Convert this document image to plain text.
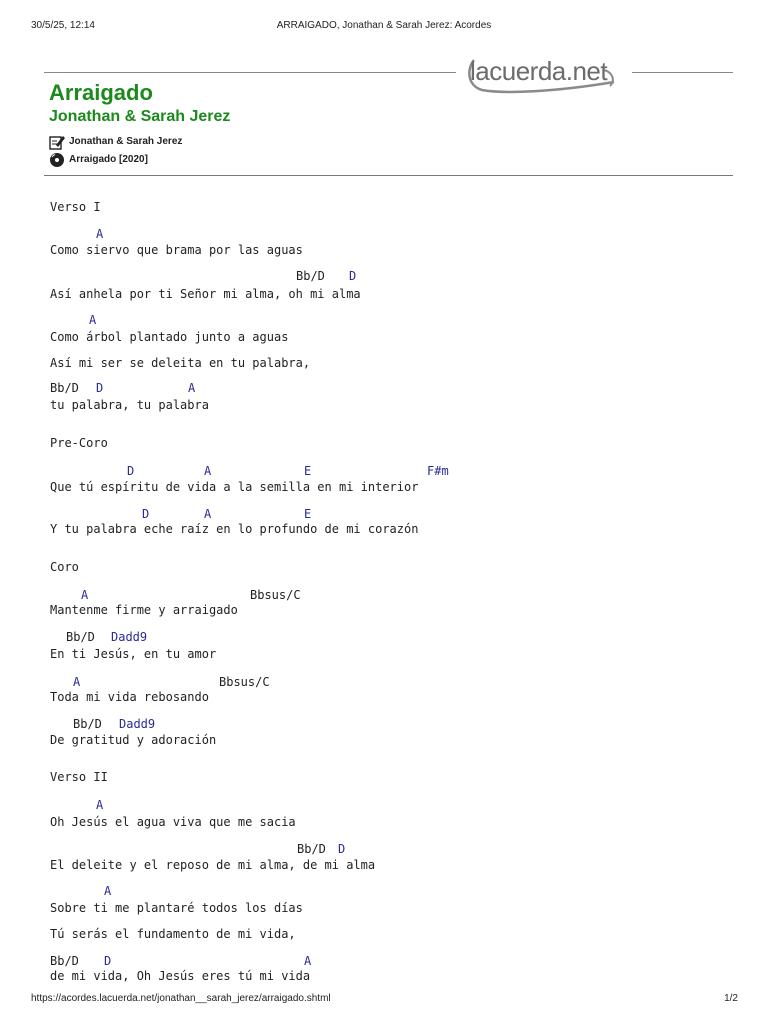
30/5/25, 12:14	ARRAIGADO, Jonathan & Sarah Jerez: Acordes
lacuerda.net
Arraigado
Jonathan & Sarah Jerez
Jonathan & Sarah Jerez
Arraigado [2020]
Verso I
A
Como siervo que brama por las aguas
Bb/D D
Así anhela por ti Señor mi alma, oh mi alma
A
Como árbol plantado junto a aguas
Así mi ser se deleita en tu palabra,
Bb/D D	A
tu palabra, tu palabra
Pre-Coro
D	A	E	F#m
Que tú espíritu de vida a la semilla en mi interior
D	A	E
Y tu palabra eche raíz en lo profundo de mi corazón
Coro
A	Bbsus/C
Mantenme firme y arraigado
Bb/D Dadd9
En ti Jesús, en tu amor
A	Bbsus/C
Toda mi vida rebosando
Bb/D Dadd9
De gratitud y adoración
Verso II
A
Oh Jesús el agua viva que me sacia
Bb/D D
El deleite y el reposo de mi alma, de mi alma
A
Sobre ti me plantaré todos los días
Tú serás el fundamento de mi vida,
Bb/D D	A
de mi vida, Oh Jesús eres tú mi vida
https://acordes.lacuerda.net/jonathan__sarah_jerez/arraigado.shtml	1/2
